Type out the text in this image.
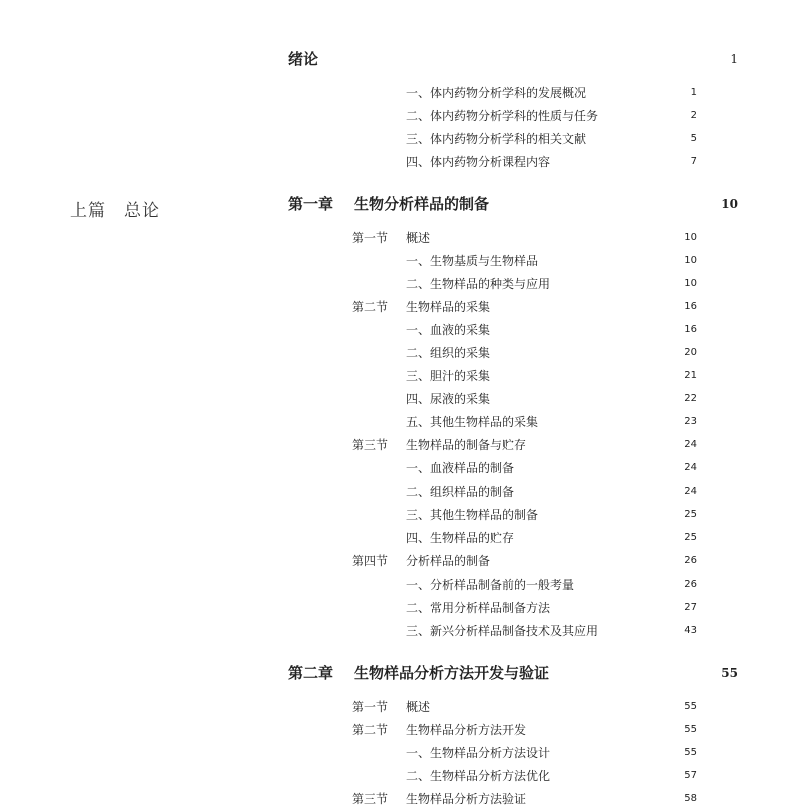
上篇　总论
绪论	1
一、体内药物分析学科的发展概况	1
二、体内药物分析学科的性质与任务	2
三、体内药物分析学科的相关文献	5
四、体内药物分析课程内容	7
第一章 生物分析样品的制备	10
第一节 概述	10
一、生物基质与生物样品	10
二、生物样品的种类与应用	10
第二节 生物样品的采集	16
一、血液的采集	16
二、组织的采集	20
三、胆汁的采集	21
四、尿液的采集	22
五、其他生物样品的采集	23
第三节 生物样品的制备与贮存	24
一、血液样品的制备	24
二、组织样品的制备	24
三、其他生物样品的制备	25
四、生物样品的贮存	25
第四节 分析样品的制备	26
一、分析样品制备前的一般考量	26
二、常用分析样品制备方法	27
三、新兴分析样品制备技术及其应用	43
第二章 生物样品分析方法开发与验证	55
第一节 概述	55
第二节 生物样品分析方法开发	55
一、生物样品分析方法设计	55
二、生物样品分析方法优化	57
第三节 生物样品分析方法验证	58
